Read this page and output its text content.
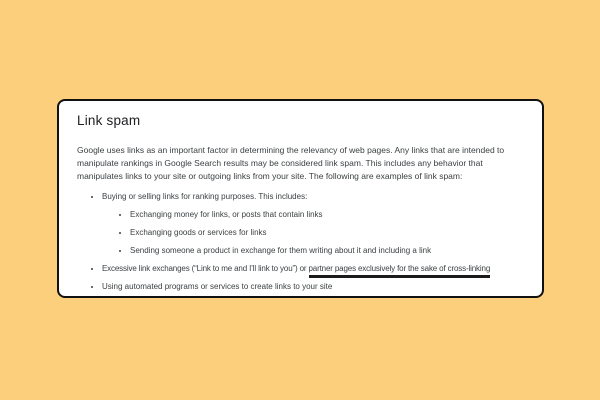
Link spam

Google uses links as an important factor in determining the relevancy of web pages. Any links that are intended to manipulate rankings in Google Search results may be considered link spam. This includes any behavior that manipulates links to your site or outgoing links from your site. The following are examples of link spam:

• Buying or selling links for ranking purposes. This includes:
• Exchanging money for links, or posts that contain links
• Exchanging goods or services for links
• Sending someone a product in exchange for them writing about it and including a link
• Excessive link exchanges (“Link to me and I’ll link to you”) or partner pages exclusively for the sake of cross-linking
• Using automated programs or services to create links to your site
